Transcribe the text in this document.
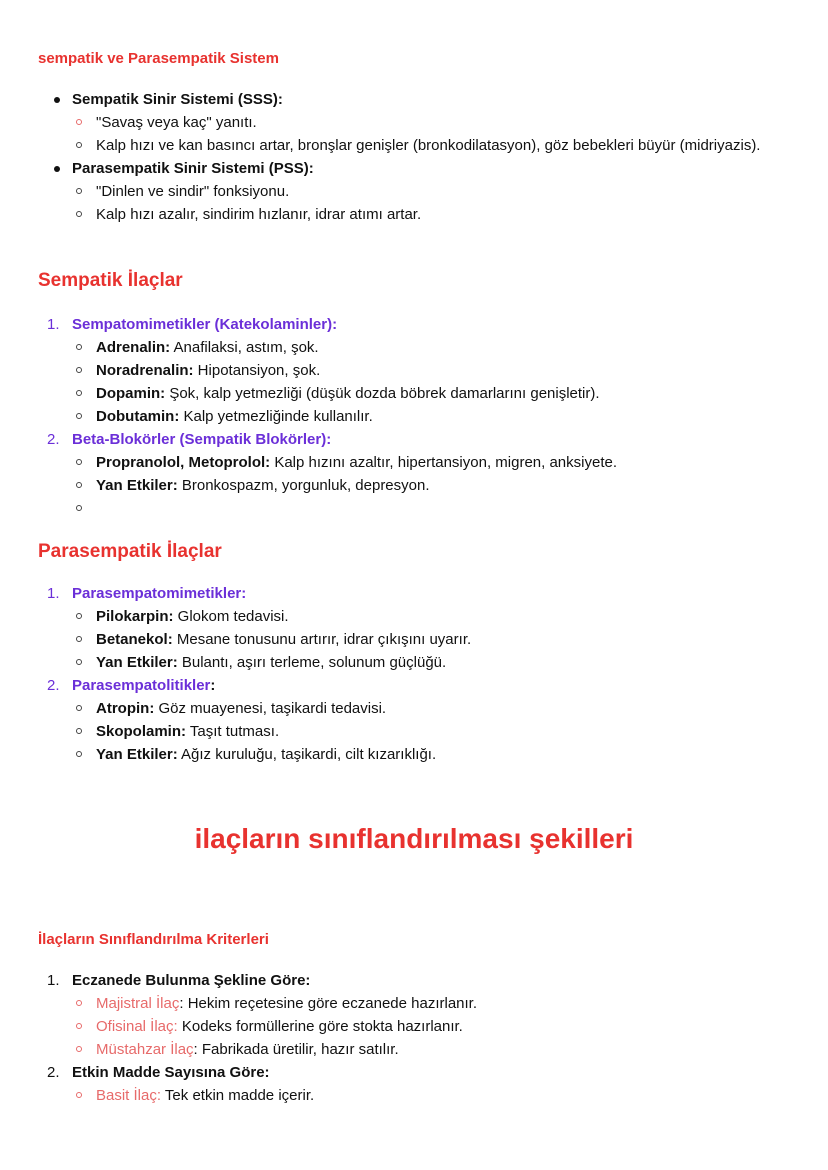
sempatik ve Parasempatik Sistem
Sempatik Sinir Sistemi (SSS):
"Savaş veya kaç" yanıtı.
Kalp hızı ve kan basıncı artar, bronşlar genişler (bronkodilatasyon), göz bebekleri büyür (midriyazis).
Parasempatik Sinir Sistemi (PSS):
"Dinlen ve sindir" fonksiyonu.
Kalp hızı azalır, sindirim hızlanır, idrar atımı artar.
Sempatik İlaçlar
1. Sempatomimetikler (Katekolaminler):
Adrenalin: Anafilaksi, astım, şok.
Noradrenalin: Hipotansiyon, şok.
Dopamin: Şok, kalp yetmezliği (düşük dozda böbrek damarlarını genişletir).
Dobutamin: Kalp yetmezliğinde kullanılır.
2. Beta-Blokörler (Sempatik Blokörler):
Propranolol, Metoprolol: Kalp hızını azaltır, hipertansiyon, migren, anksiyete.
Yan Etkiler: Bronkospazm, yorgunluk, depresyon.
Parasempatik İlaçlar
1. Parasempatomimetikler:
Pilokarpin: Glokom tedavisi.
Betanekol: Mesane tonusunu artırır, idrar çıkışını uyarır.
Yan Etkiler: Bulantı, aşırı terleme, solunum güçlüğü.
2. Parasempatolitikler:
Atropin: Göz muayenesi, taşikardi tedavisi.
Skopolamin: Taşıt tutması.
Yan Etkiler: Ağız kuruluğu, taşikardi, cilt kızarıklığı.
ilaçların sınıflandırılması şekilleri
İlaçların Sınıflandırılma Kriterleri
1. Eczanede Bulunma Şekline Göre:
Majistral İlaç: Hekim reçetesine göre eczanede hazırlanır.
Ofisinal İlaç: Kodeks formüllerine göre stokta hazırlanır.
Müstahzar İlaç: Fabrikada üretilir, hazır satılır.
2. Etkin Madde Sayısına Göre:
Basit İlaç: Tek etkin madde içerir.
